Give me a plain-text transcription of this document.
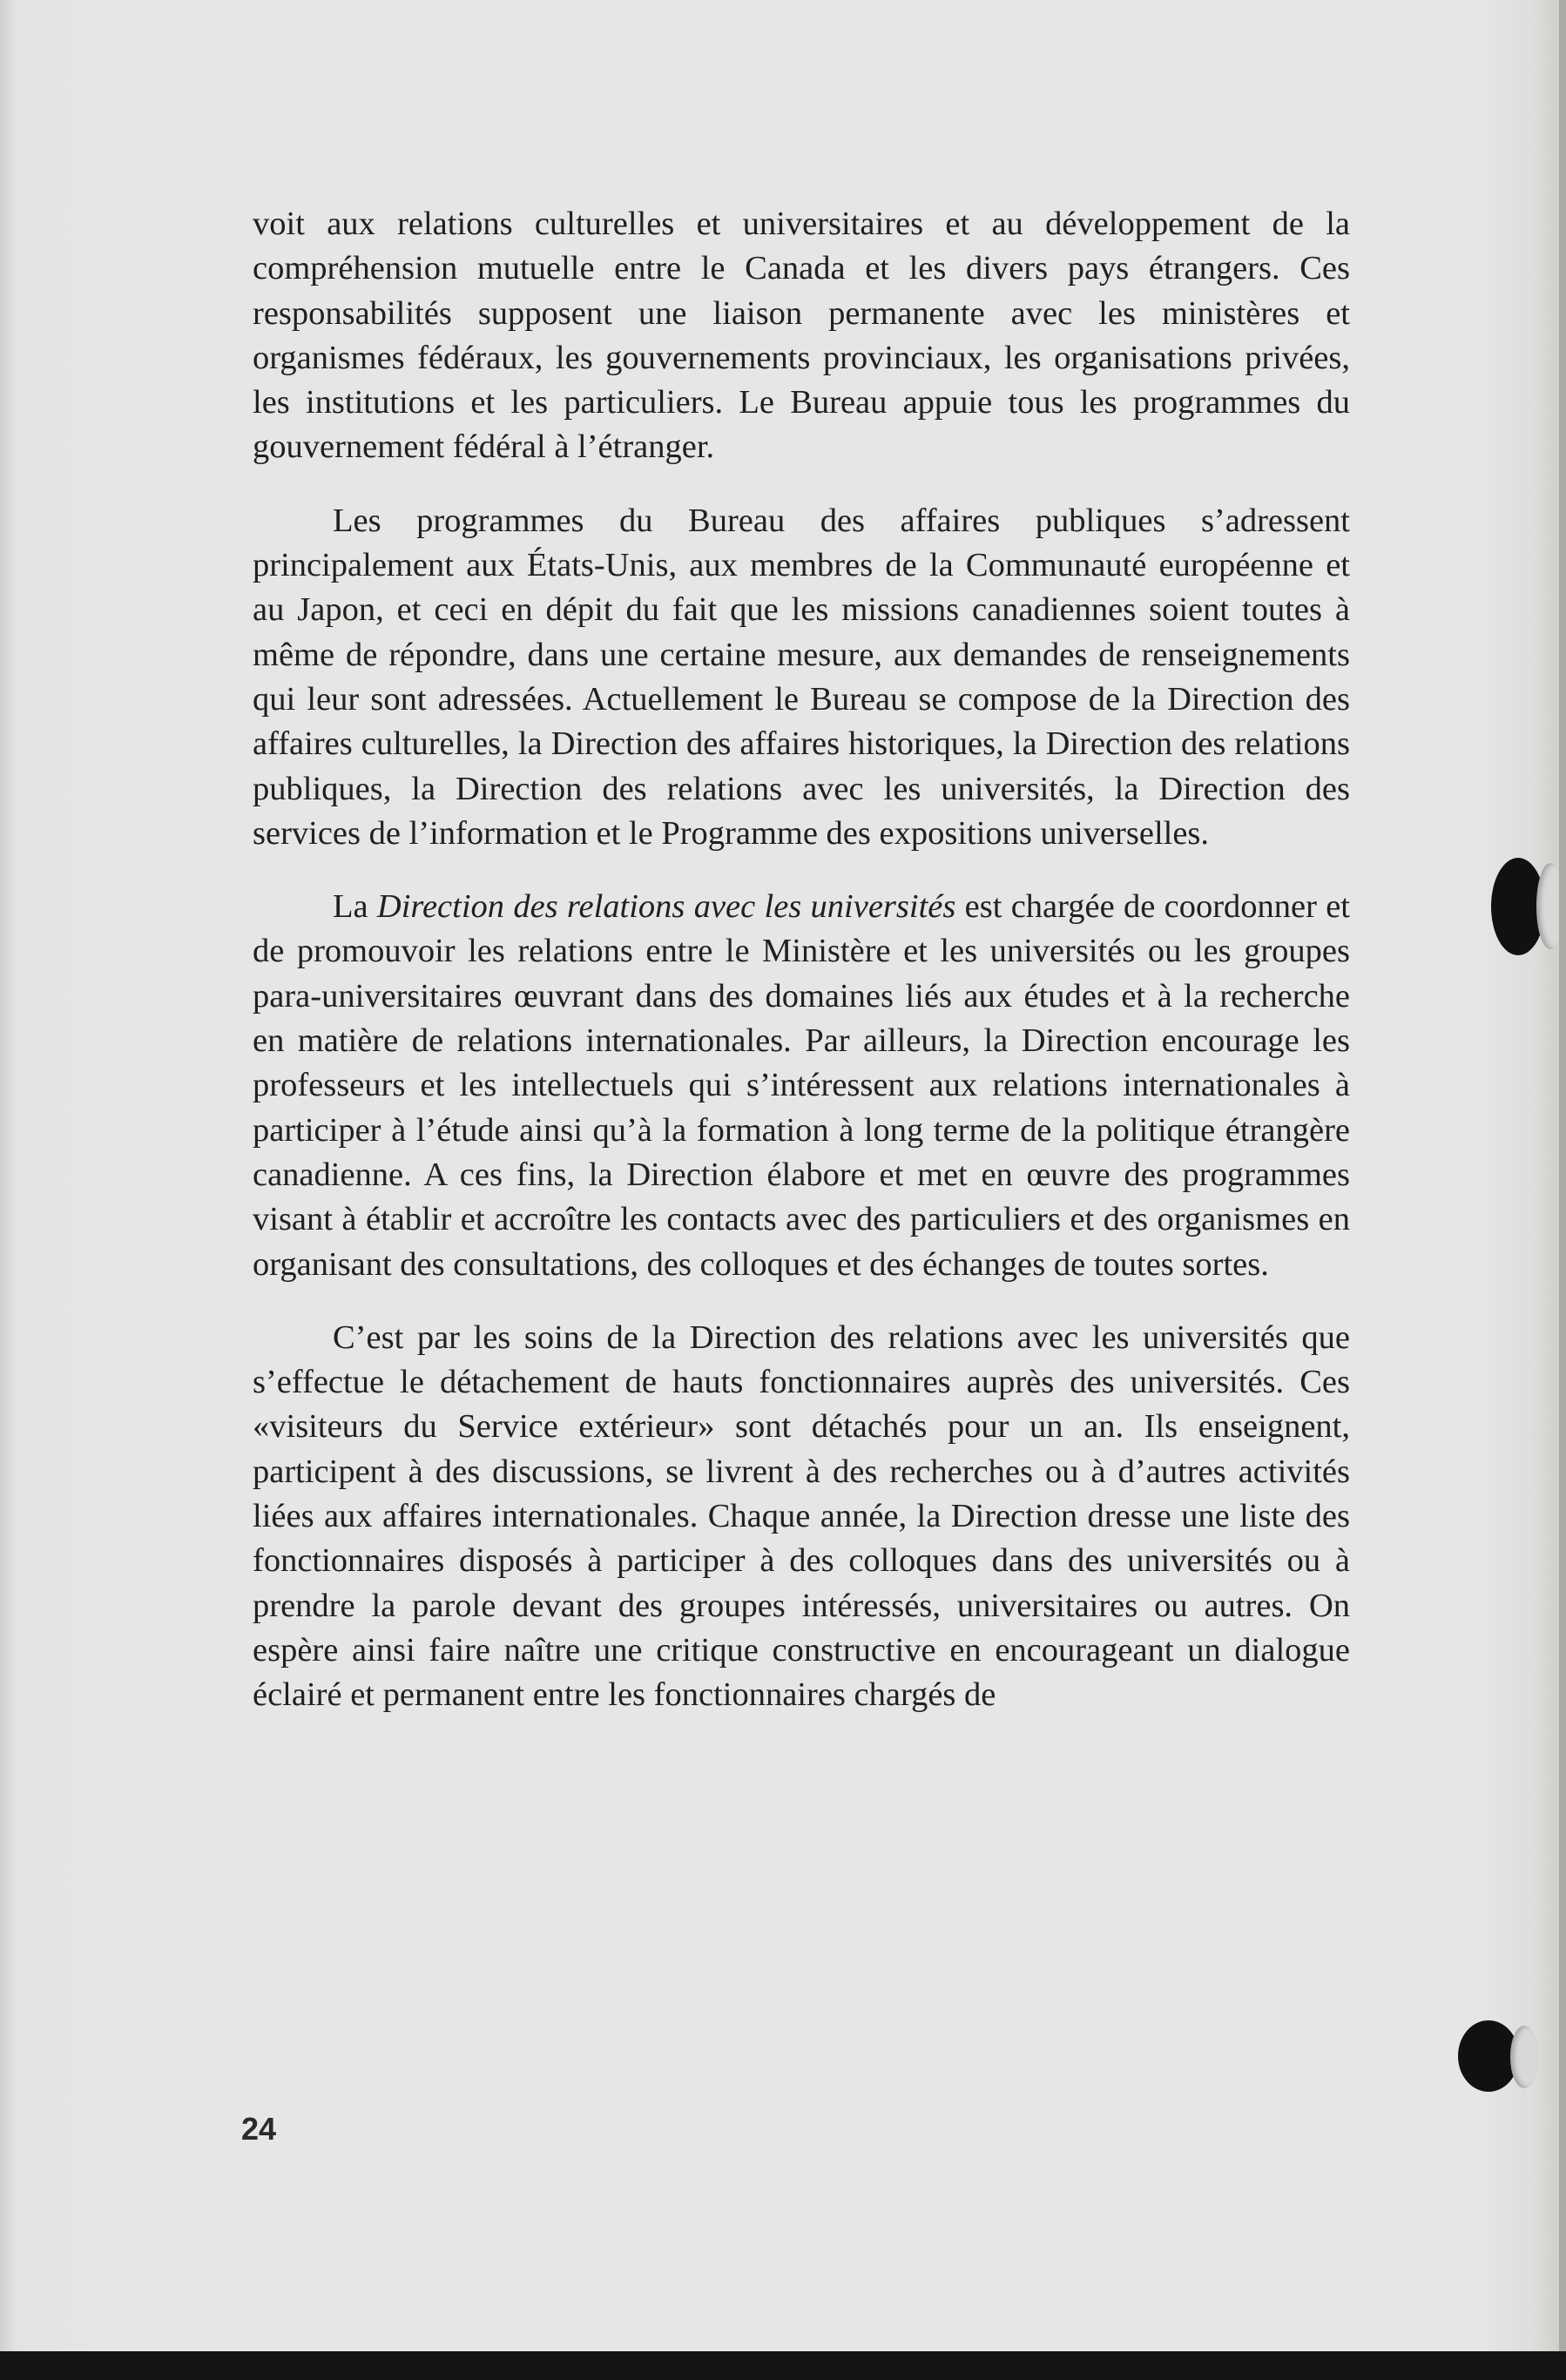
voit aux relations culturelles et universitaires et au développement de la compréhension mutuelle entre le Canada et les divers pays étrangers. Ces responsabilités supposent une liaison permanente avec les ministères et organismes fédéraux, les gouvernements provinciaux, les organisations privées, les institutions et les particuliers. Le Bureau appuie tous les programmes du gouvernement fédéral à l’étranger.

Les programmes du Bureau des affaires publiques s’adressent principalement aux États-Unis, aux membres de la Communauté européenne et au Japon, et ceci en dépit du fait que les missions canadiennes soient toutes à même de répondre, dans une certaine mesure, aux demandes de renseignements qui leur sont adressées. Actuellement le Bureau se compose de la Direction des affaires culturelles, la Direction des affaires historiques, la Direction des relations publiques, la Direction des relations avec les universités, la Direction des services de l’information et le Programme des expositions universelles.

La Direction des relations avec les universités est chargée de coordonner et de promouvoir les relations entre le Ministère et les universités ou les groupes para-universitaires œuvrant dans des domaines liés aux études et à la recherche en matière de relations internationales. Par ailleurs, la Direction encourage les professeurs et les intellectuels qui s’intéressent aux relations internationales à participer à l’étude ainsi qu’à la formation à long terme de la politique étrangère canadienne. A ces fins, la Direction élabore et met en œuvre des programmes visant à établir et accroître les contacts avec des particuliers et des organismes en organisant des consultations, des colloques et des échanges de toutes sortes.

C’est par les soins de la Direction des relations avec les universités que s’effectue le détachement de hauts fonctionnaires auprès des universités. Ces «visiteurs du Service extérieur» sont détachés pour un an. Ils enseignent, participent à des discussions, se livrent à des recherches ou à d’autres activités liées aux affaires internationales. Chaque année, la Direction dresse une liste des fonctionnaires disposés à participer à des colloques dans des universités ou à prendre la parole devant des groupes intéressés, universitaires ou autres. On espère ainsi faire naître une critique constructive en encourageant un dialogue éclairé et permanent entre les fonctionnaires chargés de

24
